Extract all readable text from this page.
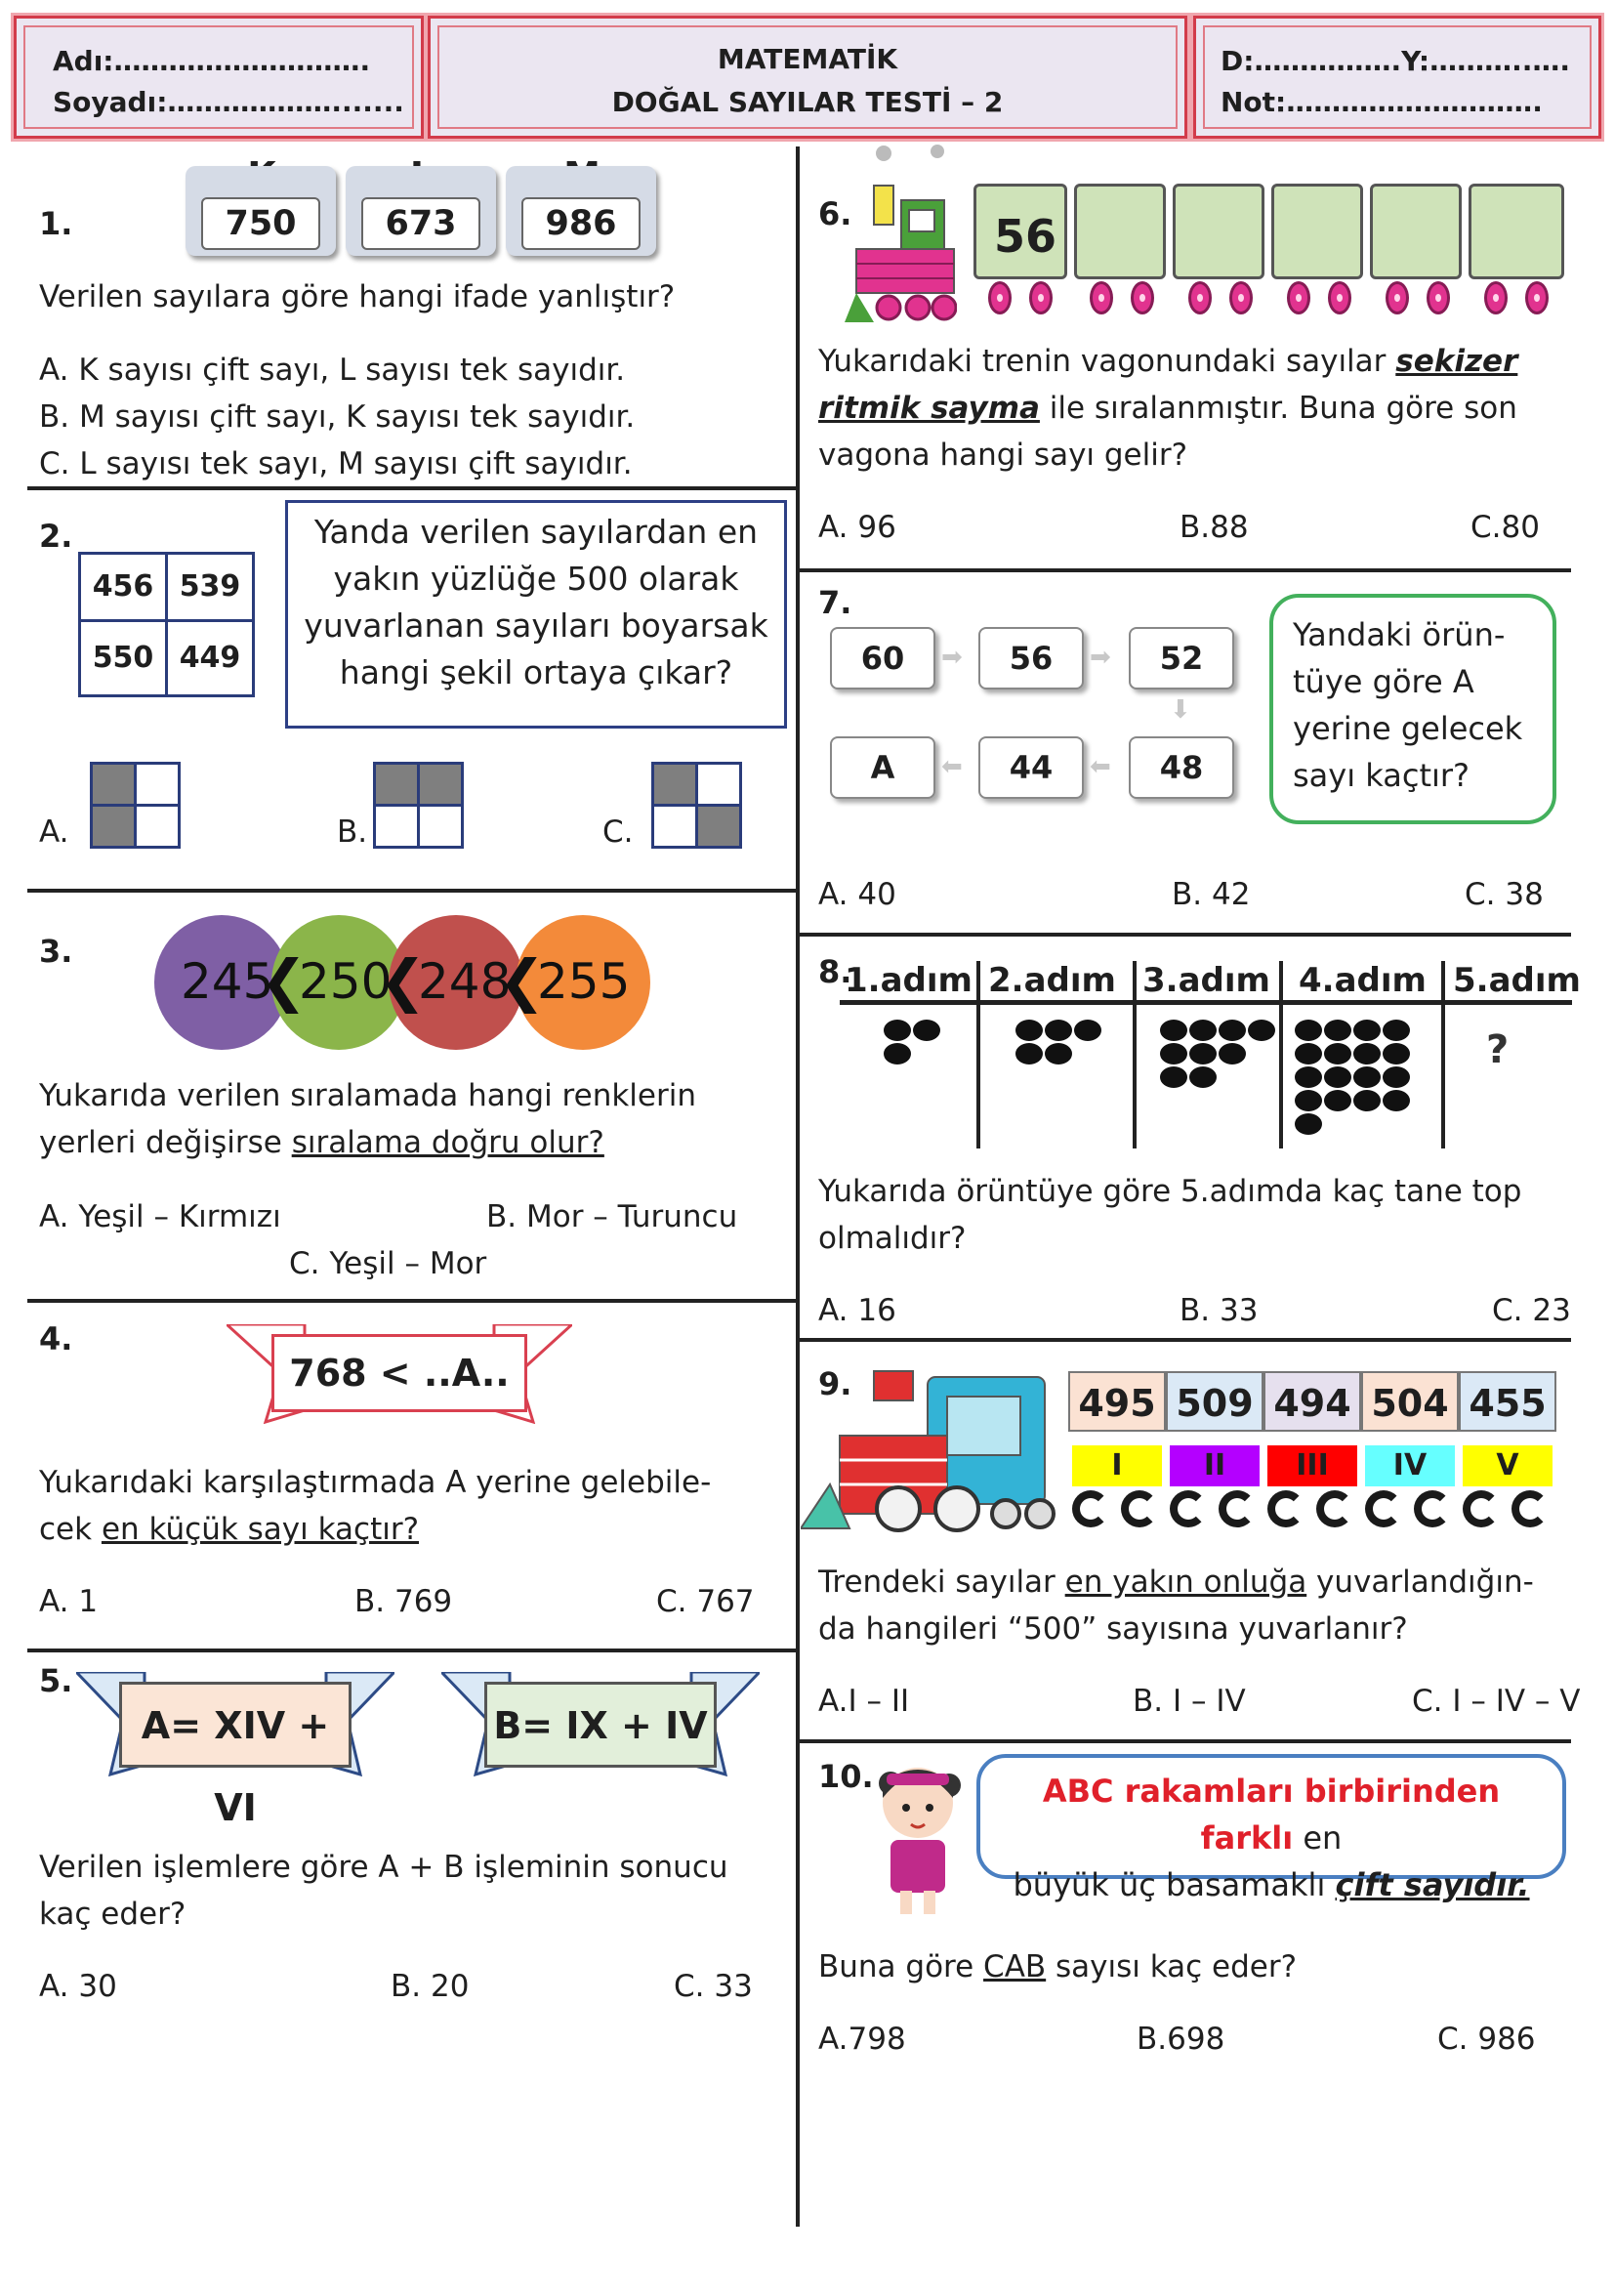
Adı:……………………….
Soyadı:……………….......
MATEMATİK
DOĞAL SAYILAR TESTİ – 2
D:…………….Y:………..….
Not:……………………….
1.	750	673	986
Verilen sayılara göre hangi ifade yanlıştır?
A. K sayısı çift sayı, L sayısı tek sayıdır.
B. M sayısı çift sayı, K sayısı tek sayıdır.
C. L sayısı tek sayı, M sayısı çift sayıdır.
2.
456 539
550 449
Yanda verilen sayılardan en
yakın yüzlüğe 500 olarak
yuvarlanan sayıları boyarsak
hangi şekil ortaya çıkar?
A.	B.	C.
3.
245
❮
250
❮
248
❮
255
Yukarıda verilen sıralamada hangi renklerin
yerleri değişirse sıralama doğru olur?
A. Yeşil – Kırmızı	B. Mor – Turuncu
C. Yeşil – Mor
4.
768 < ..A..
Yukarıdaki karşılaştırmada A yerine gelebile-
cek en küçük sayı kaçtır?
A. 1	B. 769	C. 767
5.
A= XIV + VI
B= IX + IV
Verilen işlemlere göre A + B işleminin sonucu
kaç eder?
A. 30	B. 20	C. 33
6.	56
Yukarıdaki trenin vagonundaki sayılar sekizer
ritmik sayma ile sıralanmıştır. Buna göre son
vagona hangi sayı gelir?
A. 96	B.88	C.80
7.
60	➡	56	➡	52
⬇
A	⬅	44	⬅	48
Yandaki örün-
tüye göre A
yerine gelecek
sayı kaçtır?
A. 40	B. 42	C. 38
8.
1.adım 2.adım 3.adım 4.adım 5.adım
?
Yukarıda örüntüye göre 5.adımda kaç tane top
olmalıdır?
A. 16	B. 33	C. 23
9.	495 509 494 504 455
I	II	III	IV	V
Trendeki sayılar en yakın onluğa yuvarlandığın-
da hangileri “500” sayısına yuvarlanır?
A.I – II	B. I – IV	C. I – IV – V
10.	ABC rakamları birbirinden farklı en
büyük üç basamaklı çift sayıdır.
Buna göre CAB sayısı kaç eder?
A.798	B.698	C. 986
